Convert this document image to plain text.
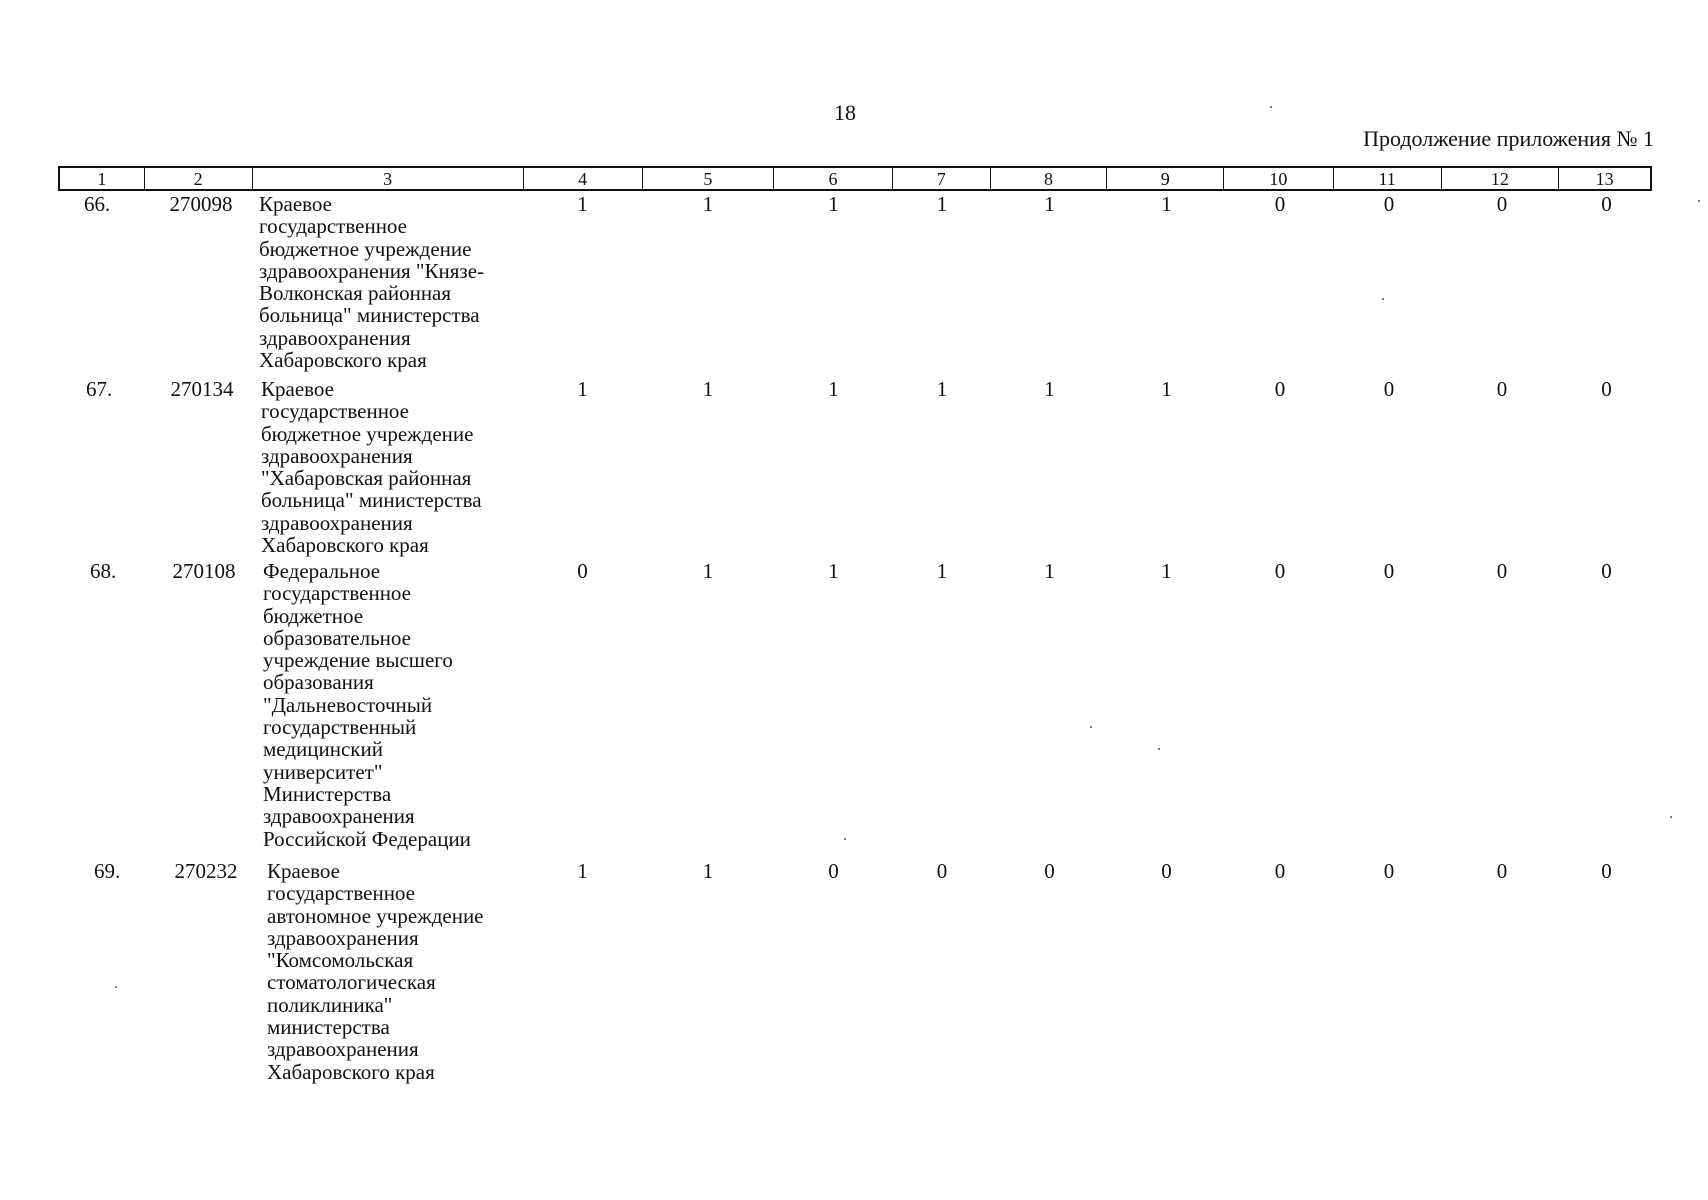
18
Продолжение приложения № 1
1	2	3	4	5	6	7	8	9	10	11	12	13
66.	270098	Краевое
государственное
бюджетное учреждение
здравоохранения "Князе-
Волконская районная
больница" министерства
здравоохранения
Хабаровского края
1	1	1	1	1	1	0	0	0	0
67.	270134	Краевое
государственное
бюджетное учреждение
здравоохранения
"Хабаровская районная
больница" министерства
здравоохранения
Хабаровского края
1	1	1	1	1	1	0	0	0	0
68.	270108	Федеральное
государственное
бюджетное
образовательное
учреждение высшего
образования
"Дальневосточный
государственный
медицинский
университет"
Министерства
здравоохранения
Российской Федерации
0	1	1	1	1	1	0	0	0	0
69.	270232	Краевое
государственное
автономное учреждение
здравоохранения
"Комсомольская
стоматологическая
поликлиника"
министерства
здравоохранения
Хабаровского края
1	1	0	0	0	0	0	0	0	0
